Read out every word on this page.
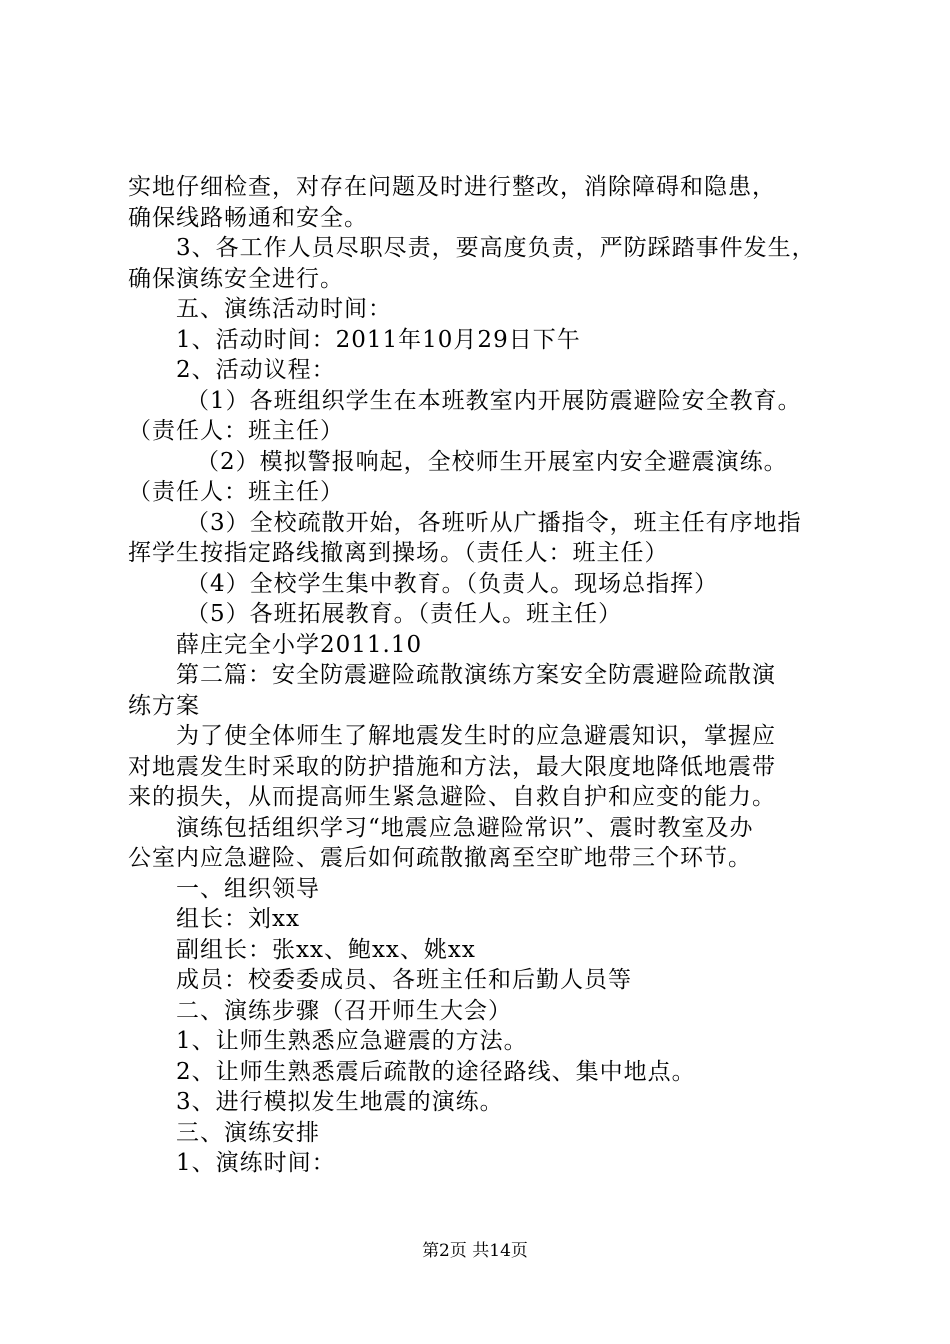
实地仔细检查，对存在问题及时进行整改，消除障碍和隐患，
确保线路畅通和安全。
3、各工作人员尽职尽责，要高度负责，严防踩踏事件发生，
确保演练安全进行。
五、演练活动时间：
1、活动时间：2011年10月29日下午
2、活动议程：
（1）各班组织学生在本班教室内开展防震避险安全教育。
（责任人：班主任）
（2）模拟警报响起，全校师生开展室内安全避震演练。
（责任人：班主任）
（3）全校疏散开始，各班听从广播指令，班主任有序地指
挥学生按指定路线撤离到操场。（责任人：班主任）
（4）全校学生集中教育。（负责人。现场总指挥）
（5）各班拓展教育。（责任人。班主任）
薛庄完全小学2011.10
第二篇：安全防震避险疏散演练方案安全防震避险疏散演
练方案
为了使全体师生了解地震发生时的应急避震知识，掌握应
对地震发生时采取的防护措施和方法，最大限度地降低地震带
来的损失，从而提高师生紧急避险、自救自护和应变的能力。
演练包括组织学习“地震应急避险常识”、震时教室及办
公室内应急避险、震后如何疏散撤离至空旷地带三个环节。
一、组织领导
组长：刘xx
副组长：张xx、鲍xx、姚xx
成员：校委委成员、各班主任和后勤人员等
二、演练步骤（召开师生大会）
1、让师生熟悉应急避震的方法。
2、让师生熟悉震后疏散的途径路线、集中地点。
3、进行模拟发生地震的演练。
三、演练安排
1、演练时间：
第2页 共14页
